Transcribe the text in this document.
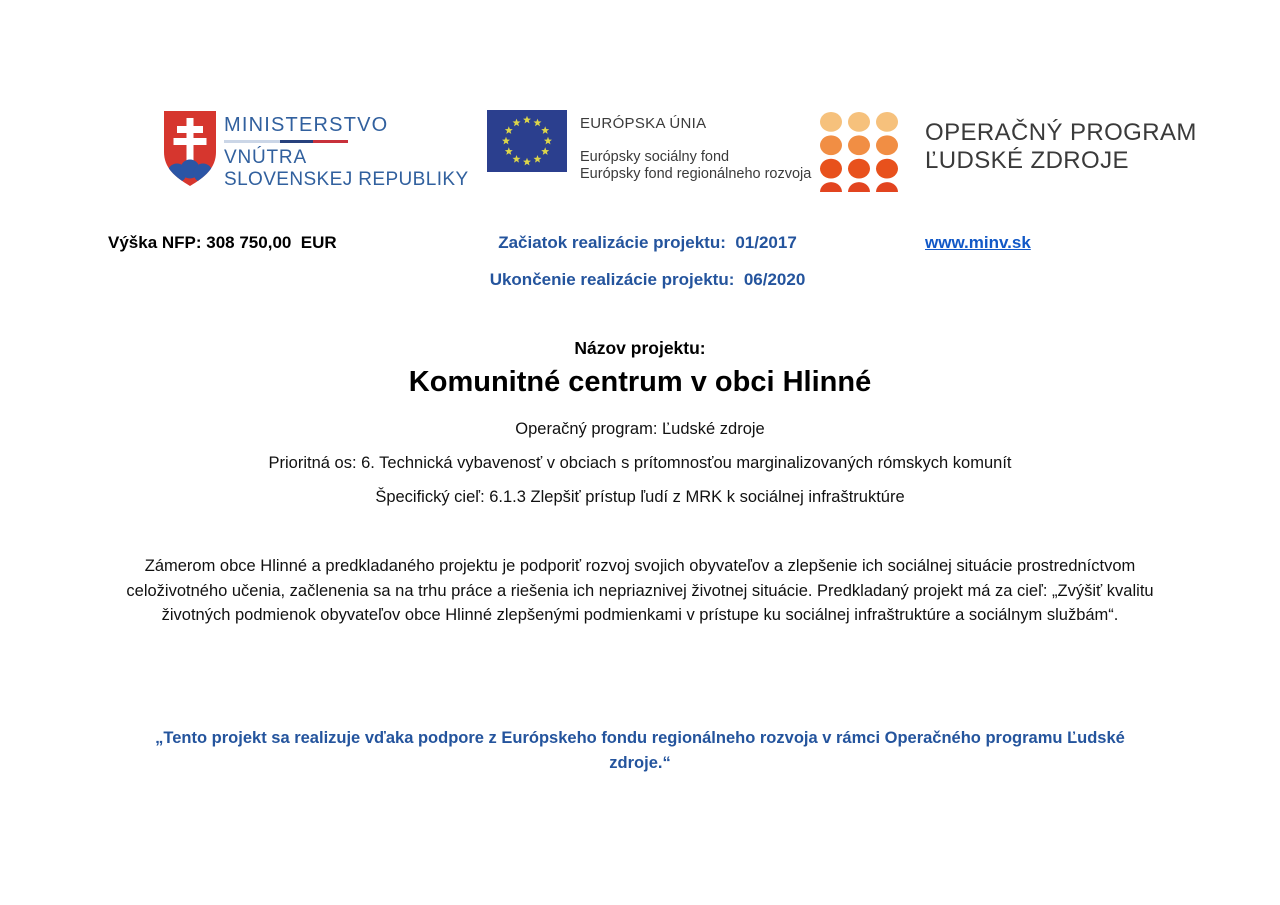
MINISTERSTVO
VNÚTRA
SLOVENSKEJ REPUBLIKY
EURÓPSKA ÚNIA
Európsky sociálny fond
Európsky fond regionálneho rozvoja
OPERAČNÝ PROGRAM
ĽUDSKÉ ZDROJE
Výška NFP: 308 750,00  EUR	Začiatok realizácie projektu:  01/2017
Ukončenie realizácie projektu:  06/2020
www.minv.sk
Názov projektu:
Komunitné centrum v obci Hlinné
Operačný program: Ľudské zdroje
Prioritná os: 6. Technická vybavenosť v obciach s prítomnosťou marginalizovaných rómskych komunít
Špecifický cieľ: 6.1.3 Zlepšiť prístup ľudí z MRK k sociálnej infraštruktúre
Zámerom obce Hlinné a predkladaného projektu je podporiť rozvoj svojich obyvateľov a zlepšenie ich sociálnej situácie prostredníctvom celoživotného učenia, začlenenia sa na trhu práce a riešenia ich nepriaznivej životnej situácie. Predkladaný projekt má za cieľ: „Zvýšiť kvalitu životných podmienok obyvateľov obce Hlinné zlepšenými podmienkami v prístupe ku sociálnej infraštruktúre a sociálnym službám“.
„Tento projekt sa realizuje vďaka podpore z Európskeho fondu regionálneho rozvoja v rámci Operačného programu Ľudské zdroje.“
